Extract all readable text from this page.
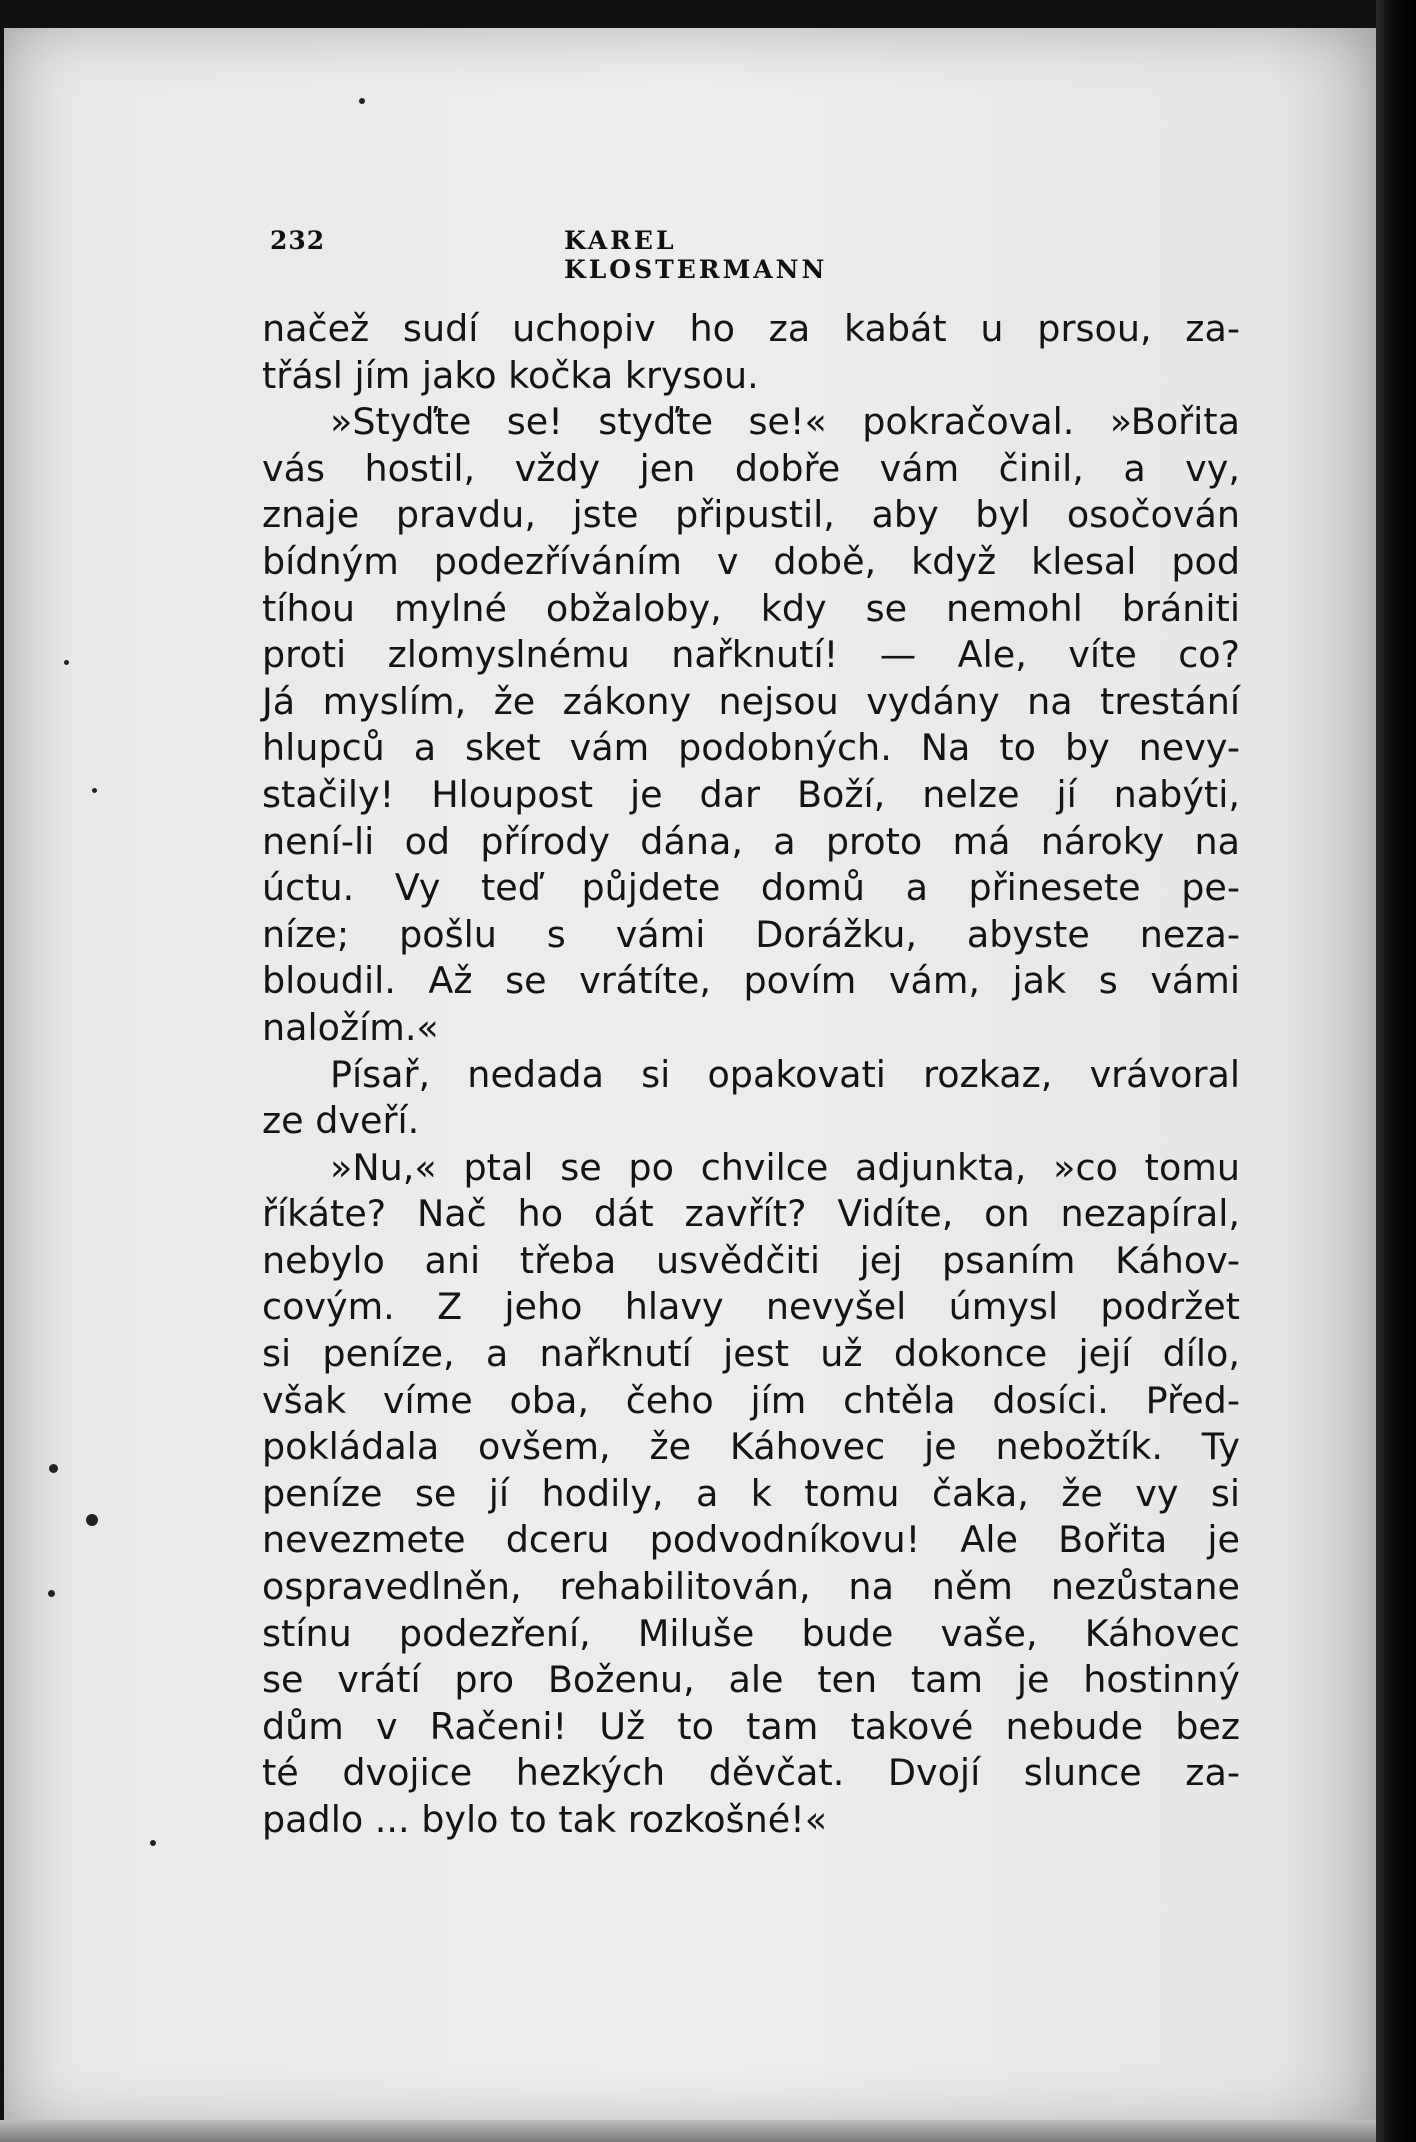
232	KAREL KLOSTERMANN
načež sudí uchopiv ho za kabát u prsou, za-
třásl jím jako kočka krysou.
»Styďte se! styďte se!« pokračoval. »Bořita
vás hostil, vždy jen dobře vám činil, a vy,
znaje pravdu, jste připustil, aby byl osočován
bídným podezříváním v době, když klesal pod
tíhou mylné obžaloby, kdy se nemohl brániti
proti zlomyslnému nařknutí! — Ale, víte co?
Já myslím, že zákony nejsou vydány na trestání
hlupců a sket vám podobných. Na to by nevy-
stačily! Hloupost je dar Boží, nelze jí nabýti,
není-li od přírody dána, a proto má nároky na
úctu. Vy teď půjdete domů a přinesete pe-
níze; pošlu s vámi Dorážku, abyste neza-
bloudil. Až se vrátíte, povím vám, jak s vámi
naložím.«
Písař, nedada si opakovati rozkaz, vrávoral
ze dveří.
»Nu,« ptal se po chvilce adjunkta, »co tomu
říkáte? Nač ho dát zavřít? Vidíte, on nezapíral,
nebylo ani třeba usvědčiti jej psaním Káhov-
covým. Z jeho hlavy nevyšel úmysl podržet
si peníze, a nařknutí jest už dokonce její dílo,
však víme oba, čeho jím chtěla dosíci. Před-
pokládala ovšem, že Káhovec je nebožtík. Ty
peníze se jí hodily, a k tomu čaka, že vy si
nevezmete dceru podvodníkovu! Ale Bořita je
ospravedlněn, rehabilitován, na něm nezůstane
stínu podezření, Miluše bude vaše, Káhovec
se vrátí pro Boženu, ale ten tam je hostinný
dům v Račeni! Už to tam takové nebude bez
té dvojice hezkých děvčat. Dvojí slunce za-
padlo ... bylo to tak rozkošné!«
